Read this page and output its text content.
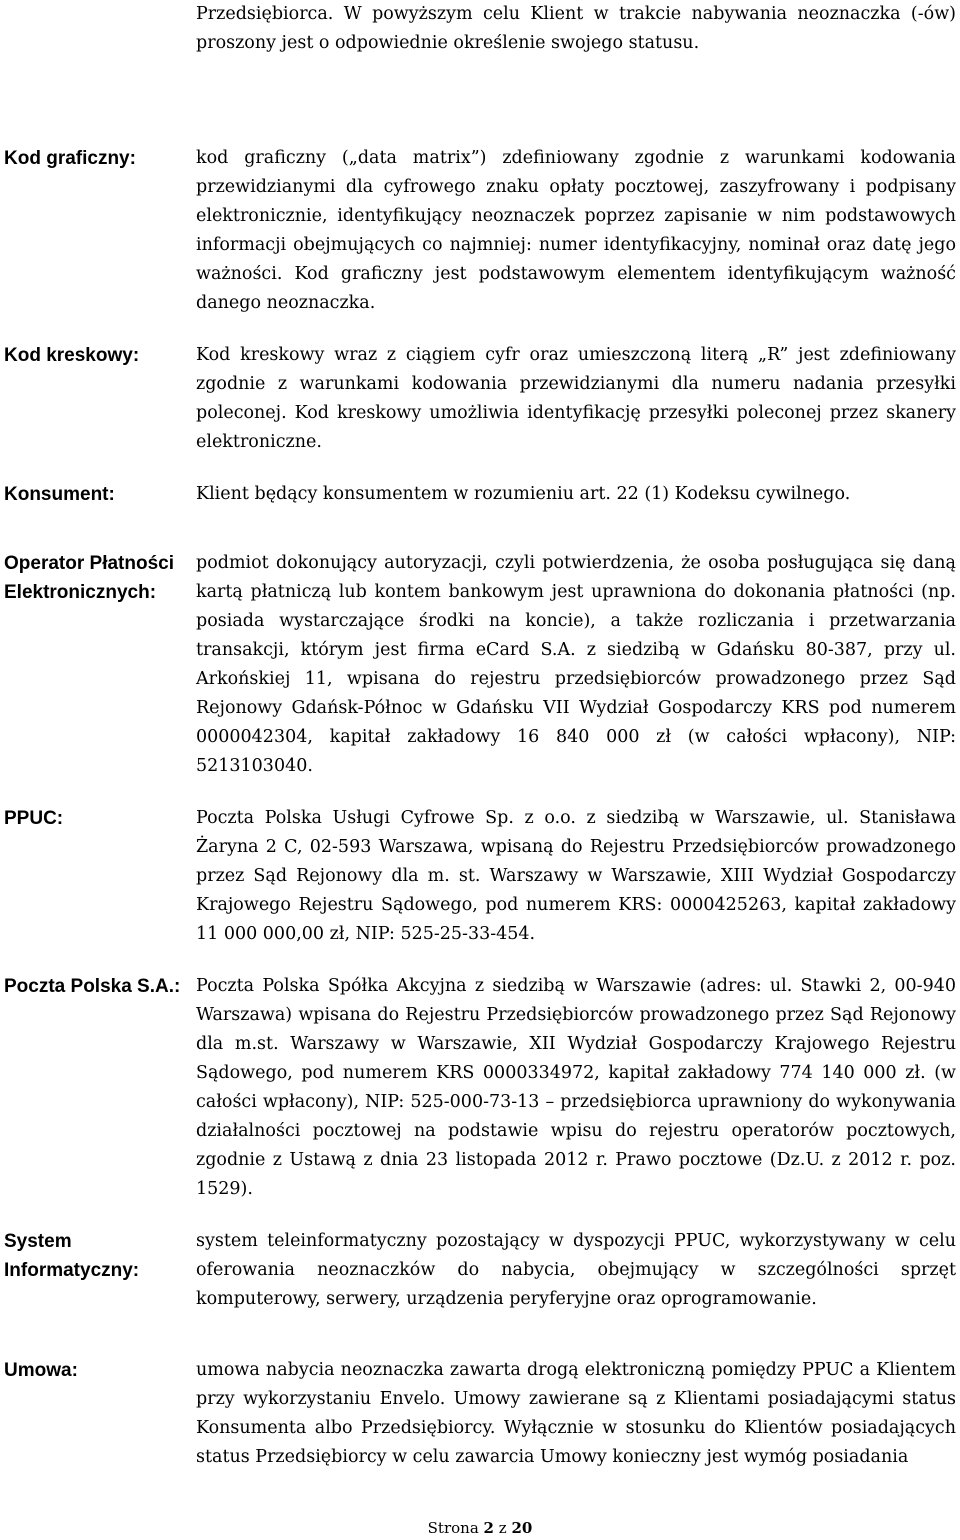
Przedsiębiorca. W powyższym celu Klient w trakcie nabywania neoznaczka (-ów) proszony jest o odpowiednie określenie swojego statusu.
Kod graficzny:	kod graficzny („data matrix”) zdefiniowany zgodnie z warunkami kodowania przewidzianymi dla cyfrowego znaku opłaty pocztowej, zaszyfrowany i podpisany elektronicznie, identyfikujący neoznaczek poprzez zapisanie w nim podstawowych informacji obejmujących co najmniej: numer identyfikacyjny, nominał oraz datę jego ważności. Kod graficzny jest podstawowym elementem identyfikującym ważność danego neoznaczka.
Kod kreskowy:	Kod kreskowy wraz z ciągiem cyfr oraz umieszczoną literą „R” jest zdefiniowany zgodnie z warunkami kodowania przewidzianymi dla numeru nadania przesyłki poleconej. Kod kreskowy umożliwia identyfikację przesyłki poleconej przez skanery elektroniczne.
Konsument:	Klient będący konsumentem w rozumieniu art. 22 (1) Kodeksu cywilnego.
Operator Płatności Elektronicznych:
podmiot dokonujący autoryzacji, czyli potwierdzenia, że osoba posługująca się daną kartą płatniczą lub kontem bankowym jest uprawniona do dokonania płatności (np. posiada wystarczające środki na koncie), a także rozliczania i przetwarzania transakcji, którym jest firma eCard S.A. z siedzibą w Gdańsku 80-387, przy ul. Arkońskiej 11, wpisana do rejestru przedsiębiorców prowadzonego przez Sąd Rejonowy Gdańsk-Północ w Gdańsku VII Wydział Gospodarczy KRS pod numerem 0000042304, kapitał zakładowy 16 840 000 zł (w całości wpłacony), NIP: 5213103040.
PPUC:	Poczta Polska Usługi Cyfrowe Sp. z o.o. z siedzibą w Warszawie, ul. Stanisława Żaryna 2 C, 02-593 Warszawa, wpisaną do Rejestru Przedsiębiorców prowadzonego przez Sąd Rejonowy dla m. st. Warszawy w Warszawie, XIII Wydział Gospodarczy Krajowego Rejestru Sądowego, pod numerem KRS: 0000425263, kapitał zakładowy 11 000 000,00 zł, NIP: 525-25-33-454.
Poczta Polska S.A.: Poczta Polska Spółka Akcyjna z siedzibą w Warszawie (adres: ul. Stawki 2, 00-940 Warszawa) wpisana do Rejestru Przedsiębiorców prowadzonego przez Sąd Rejonowy dla m.st. Warszawy w Warszawie, XII Wydział Gospodarczy Krajowego Rejestru Sądowego, pod numerem KRS 0000334972, kapitał zakładowy 774 140 000 zł. (w całości wpłacony), NIP: 525-000-73-13 – przedsiębiorca uprawniony do wykonywania działalności pocztowej na podstawie wpisu do rejestru operatorów pocztowych, zgodnie z Ustawą z dnia 23 listopada 2012 r. Prawo pocztowe (Dz.U. z 2012 r. poz. 1529).
System Informatyczny:
system teleinformatyczny pozostający w dyspozycji PPUC, wykorzystywany w celu oferowania neoznaczków do nabycia, obejmujący w szczególności sprzęt komputerowy, serwery, urządzenia peryferyjne oraz oprogramowanie.
Umowa:	umowa nabycia neoznaczka zawarta drogą elektroniczną pomiędzy PPUC a Klientem przy wykorzystaniu Envelo. Umowy zawierane są z Klientami posiadającymi status Konsumenta albo Przedsiębiorcy. Wyłącznie w stosunku do Klientów posiadających status Przedsiębiorcy w celu zawarcia Umowy konieczny jest wymóg posiadania
Strona 2 z 20
